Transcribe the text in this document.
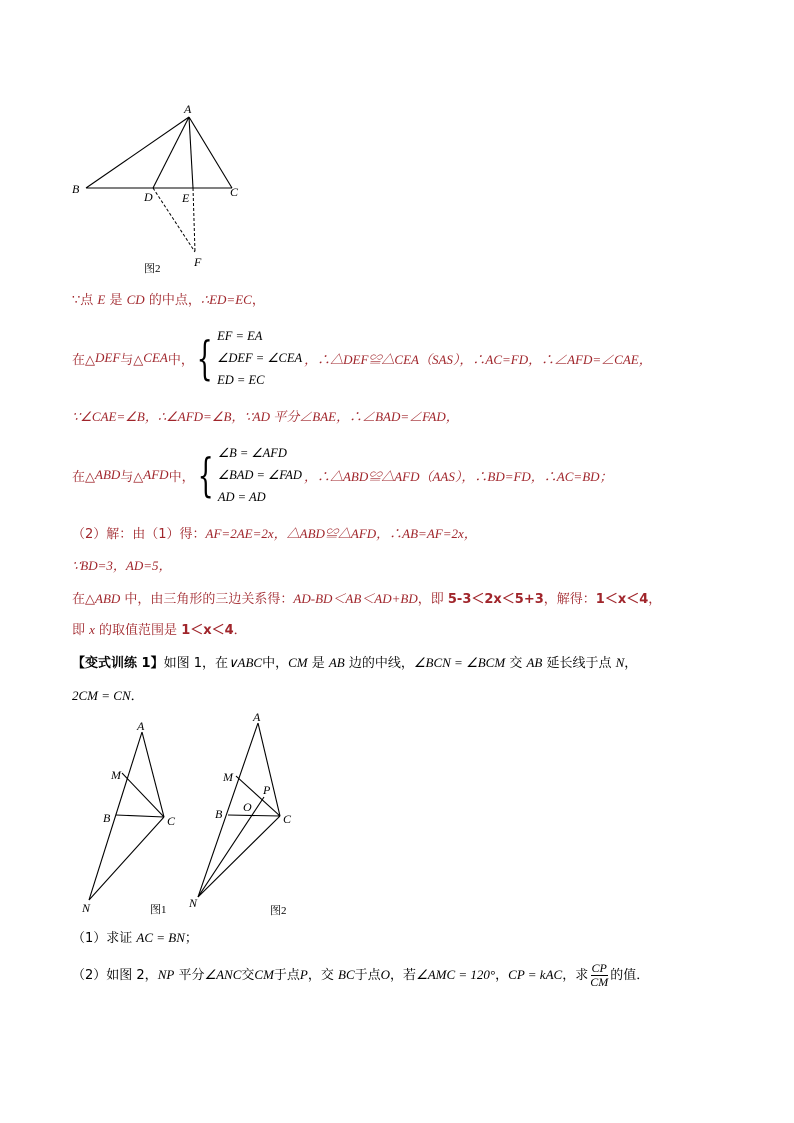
A
B	C
D E
F
图2
∵点 E 是 CD 的中点，∴ED=EC，
在△ DEF 与△ CEA 中， { EF = EA
∠DEF = ∠CEA
ED = EC
，∴△DEF≌△CEA（SAS），∴AC=FD，∴∠AFD=∠CAE，
∵∠CAE=∠B，∴∠AFD=∠B，∵AD 平分∠BAE，∴∠BAD=∠FAD，
在△ ABD 与△ AFD 中， { ∠B = ∠AFD
∠BAD = ∠FAD
AD = AD
，∴△ABD≌△AFD（AAS），∴BD=FD，∴AC=BD；
（2）解：由（1）得：AF=2AE=2x，△ABD≌△AFD，∴AB=AF=2x，
∵BD=3，AD=5，
在△ABD 中，由三角形的三边关系得：AD-BD＜AB＜AD+BD，即 5-3＜2x＜5+3，解得：1＜x＜4，
即 x 的取值范围是 1＜x＜4．
【变式训练 1】如图 1，在∨ABC中，CM 是 AB 边的中线，∠BCN = ∠BCM 交 AB 延长线于点 N，
2CM = CN．
A
M
B	C
N	图1
A
M
P
O
B	C
N
图2
（1）求证 AC = BN；
（2）如图 2，NP 平分∠ANC交CM于点P，交 BC于点O，若∠AMC = 120°，CP = kAC，求 $\frac{CP}{CM}$ 的值．
